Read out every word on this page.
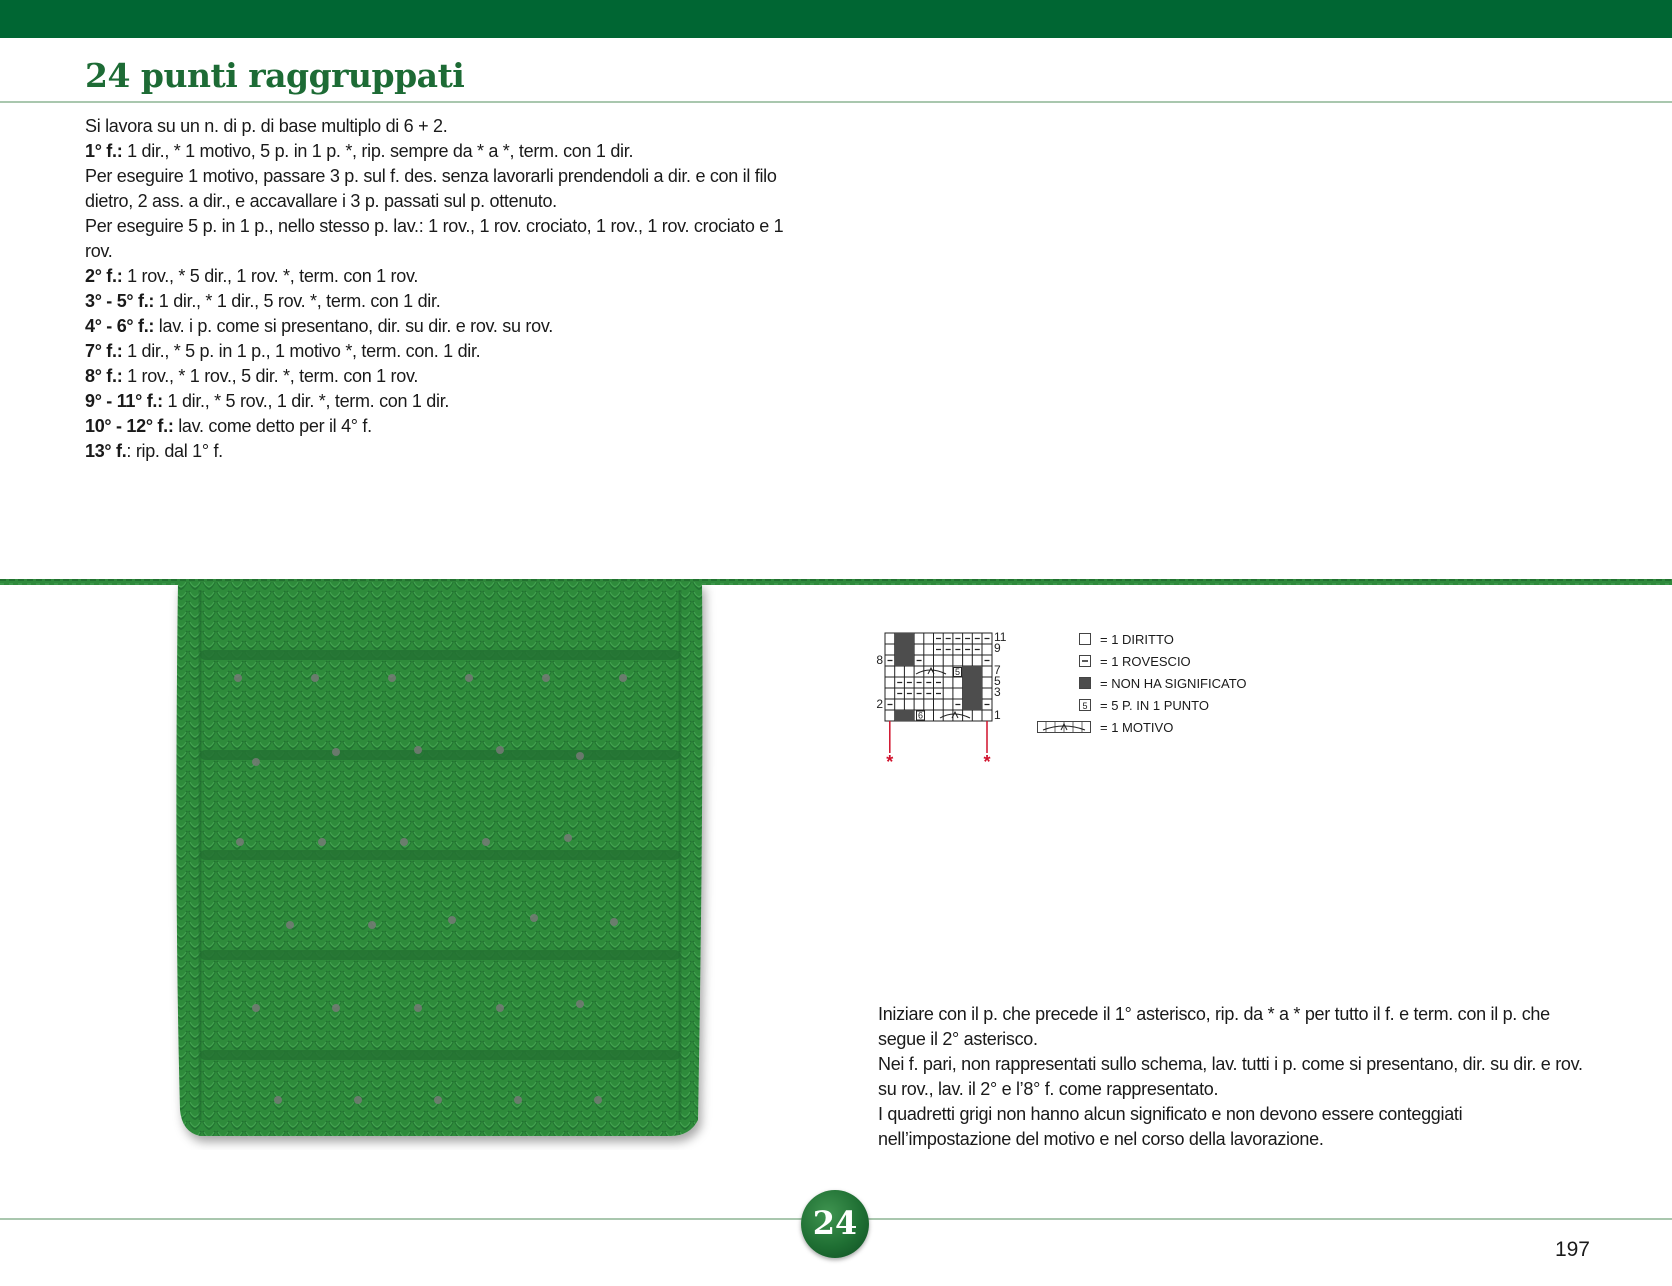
24 punti raggruppati

Si lavora su un n. di p. di base multiplo di 6 + 2.

1° f.: 1 dir., * 1 motivo, 5 p. in 1 p. *, rip. sempre da * a *, term. con 1 dir.

Per eseguire 1 motivo, passare 3 p. sul f. des. senza lavorarli prendendoli a dir. e con il filo dietro, 2 ass. a dir., e accavallare i 3 p. passati sul p. ottenuto.

Per eseguire 5 p. in 1 p., nello stesso p. lav.: 1 rov., 1 rov. crociato, 1 rov., 1 rov. crociato e 1 rov.

2° f.: 1 rov., * 5 dir., 1 rov. *, term. con 1 rov.

3° - 5° f.: 1 dir., * 1 dir., 5 rov. *, term. con 1 dir.

4° - 6° f.: lav. i p. come si presentano, dir. su dir. e rov. su rov.

7° f.: 1 dir., * 5 p. in 1 p., 1 motivo *, term. con. 1 dir.

8° f.: 1 rov., * 1 rov., 5 dir. *, term. con 1 rov.

9° - 11° f.: 1 dir., * 5 rov., 1 dir. *, term. con 1 dir.

10° - 12° f.: lav. come detto per il 4° f.

13° f.: rip. dal 1° f.

5
6
11
9
7
5
3
1
8
2
*	*
= 1 DIRITTO
= 1 ROVESCIO
= NON HA SIGNIFICATO
5 = 5 P. IN 1 PUNTO
= 1 MOTIVO

Iniziare con il p. che precede il 1° asterisco, rip. da * a * per tutto il f. e term. con il p. che segue il 2° asterisco.

Nei f. pari, non rappresentati sullo schema, lav. tutti i p. come si presentano, dir. su dir. e rov. su rov., lav. il 2° e l’8° f. come rappresentato.

I quadretti grigi non hanno alcun significato e non devono essere conteggiati nell’impostazione del motivo e nel corso della lavorazione.

24
197
